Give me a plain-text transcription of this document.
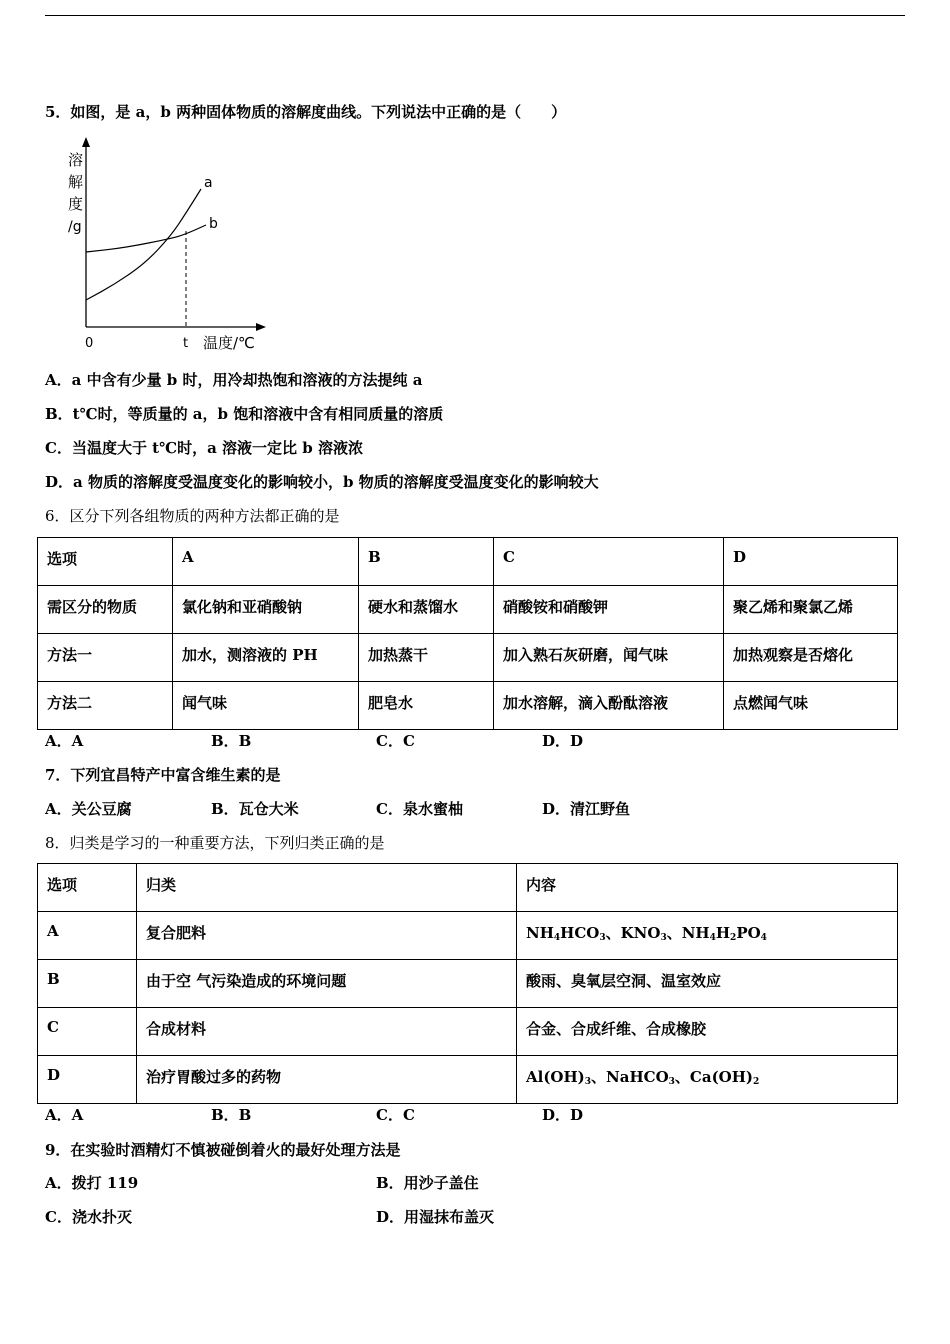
5．如图，是 a，b 两种固体物质的溶解度曲线。下列说法中正确的是（　　）
溶
解
度
/g
a
b
0	t 温度/℃
A．a 中含有少量 b 时，用冷却热饱和溶液的方法提纯 a
B．t℃时，等质量的 a，b 饱和溶液中含有相同质量的溶质
C．当温度大于 t℃时，a 溶液一定比 b 溶液浓
D．a 物质的溶解度受温度变化的影响较小，b 物质的溶解度受温度变化的影响较大
6．区分下列各组物质的两种方法都正确的是
选项	A	B	C	D
需区分的物质	氯化钠和亚硝酸钠	硬水和蒸馏水	硝酸铵和硝酸钾	聚乙烯和聚氯乙烯
方法一	加水，测溶液的 PH	加热蒸干	加入熟石灰研磨，闻气味	加热观察是否熔化
方法二	闻气味	肥皂水	加水溶解，滴入酚酞溶液	点燃闻气味
A．A	B．B	C．C	D．D
7．下列宜昌特产中富含维生素的是
A．关公豆腐	B．瓦仓大米	C．泉水蜜柚	D．清江野鱼
8．归类是学习的一种重要方法，下列归类正确的是
选项	归类	内容
A	复合肥料	$NH_4HCO_3$、$KNO_3$、$NH_4H_2PO_4$
B	由于空 气污染造成的环境问题	酸雨、臭氧层空洞、温室效应
C	合成材料	合金、合成纤维、合成橡胶
D	治疗胃酸过多的药物	$Al(OH)_3$、NaHCO$_3$、$Ca(OH)_2$
A．A	B．B	C．C	D．D
9．在实验时酒精灯不慎被碰倒着火的最好处理方法是
A．拨打 119	B．用沙子盖住
C．浇水扑灭	D．用湿抹布盖灭
